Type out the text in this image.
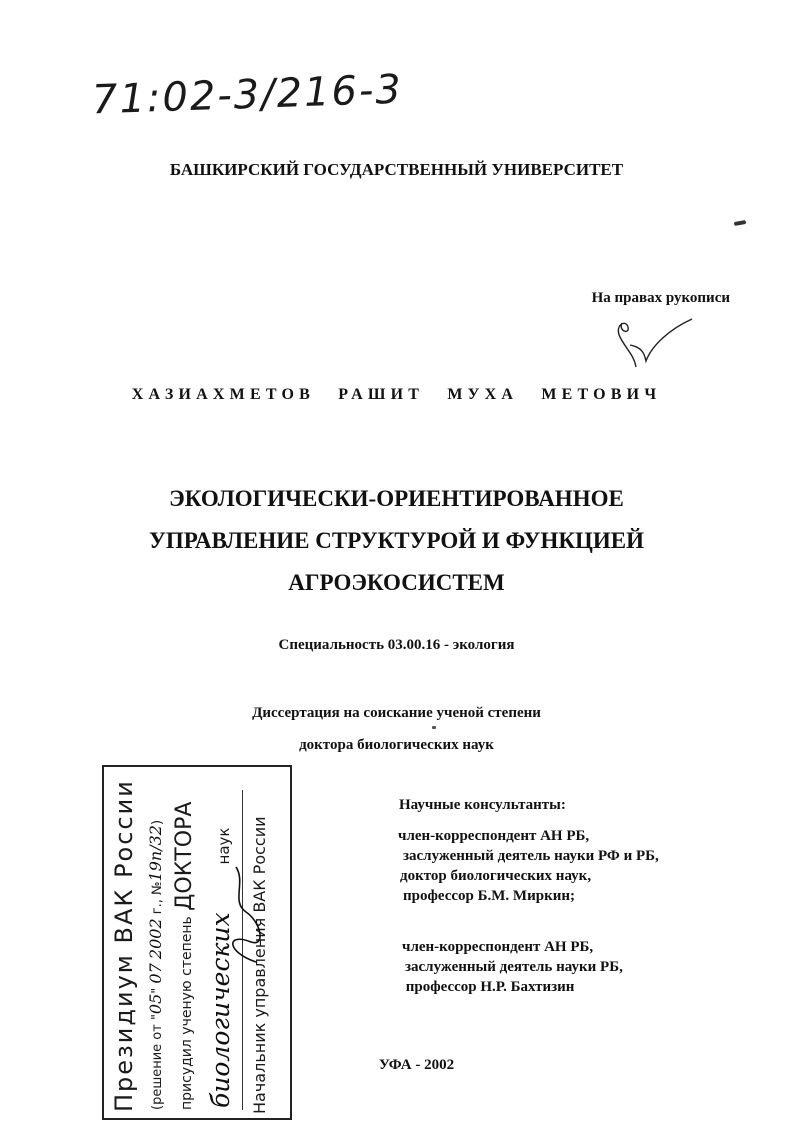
71:02-3/216-3
БАШКИРСКИЙ ГОСУДАРСТВЕННЫЙ УНИВЕРСИТЕТ
На правах рукописи
ХАЗИАХМЕТОВ РАШИТ МУХА МЕТОВИЧ
ЭКОЛОГИЧЕСКИ-ОРИЕНТИРОВАННОЕ
УПРАВЛЕНИЕ СТРУКТУРОЙ И ФУНКЦИЕЙ
АГРОЭКОСИСТЕМ
Специальность 03.00.16 - экология
Диссертация на соискание ученой степени
доктора биологических наук
Научные консультанты:
член-корреспондент АН РБ,
заслуженный деятель науки РФ и РБ,
доктор биологических наук,
профессор Б.М. Миркин;
член-корреспондент АН РБ,
заслуженный деятель науки РБ,
профессор Н.Р. Бахтизин
УФА - 2002
Президиум ВАК России (решение от "05" 07 2002 г., №19п/32)
присудил ученую степень ДОКТОРА
биологических наук Начальник управления ВАК России
